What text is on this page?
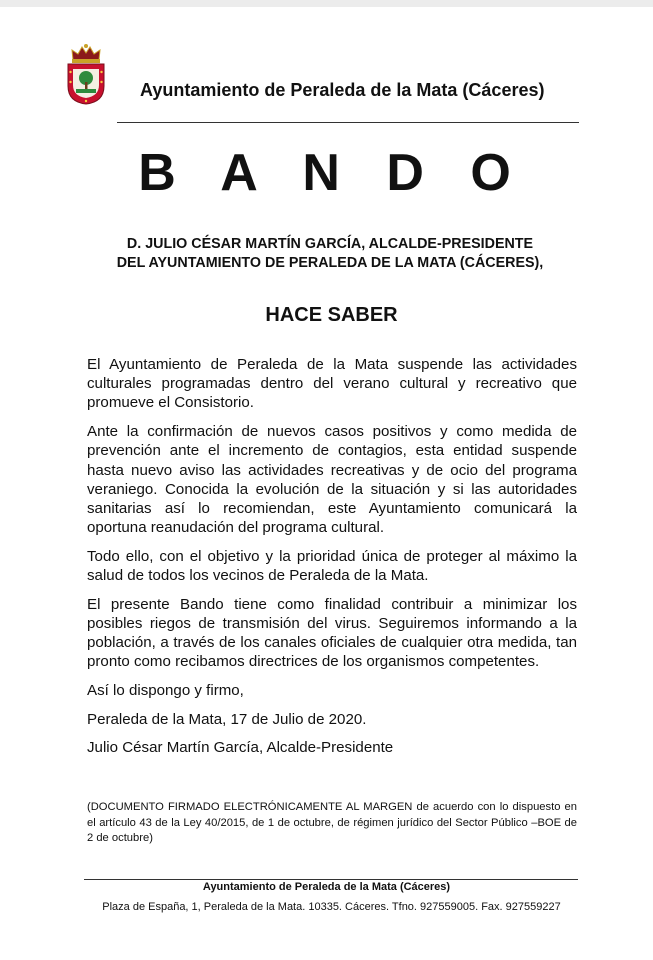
Ayuntamiento de Peraleda de la Mata (Cáceres)
B A N D O
D. JULIO CÉSAR MARTÍN GARCÍA, ALCALDE-PRESIDENTE
DEL AYUNTAMIENTO DE PERALEDA DE LA MATA (CÁCERES),
HACE SABER

El Ayuntamiento de Peraleda de la Mata suspende las actividades culturales programadas dentro del verano cultural y recreativo que promueve el Consistorio.

Ante la confirmación de nuevos casos positivos y como medida de prevención ante el incremento de contagios, esta entidad suspende hasta nuevo aviso las actividades recreativas y de ocio del programa veraniego. Conocida la evolución de la situación y si las autoridades sanitarias así lo recomiendan, este Ayuntamiento comunicará la oportuna reanudación del programa cultural.

Todo ello, con el objetivo y la prioridad única de proteger al máximo la salud de todos los vecinos de Peraleda de la Mata.

El presente Bando tiene como finalidad contribuir a minimizar los posibles riegos de transmisión del virus. Seguiremos informando a la población, a través de los canales oficiales de cualquier otra medida, tan pronto como recibamos directrices de los organismos competentes.

Así lo dispongo y firmo,

Peraleda de la Mata, 17 de Julio de 2020.

Julio César Martín García, Alcalde-Presidente

(DOCUMENTO FIRMADO ELECTRÓNICAMENTE AL MARGEN de acuerdo con lo dispuesto en el artículo 43 de la Ley 40/2015, de 1 de octubre, de régimen jurídico del Sector Público –BOE de 2 de octubre)
Ayuntamiento de Peraleda de la Mata (Cáceres)
Plaza de España, 1, Peraleda de la Mata. 10335. Cáceres. Tfno. 927559005. Fax. 927559227
